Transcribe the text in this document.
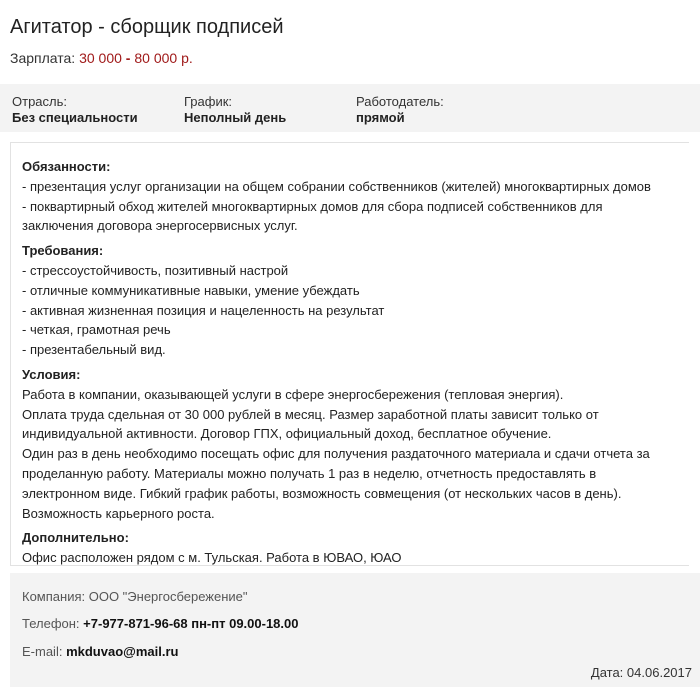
Агитатор - сборщик подписей
Зарплата: 30 000 - 80 000 р.
Отрасль:
Без специальности
График:
Неполный день
Работодатель:
прямой
Обязанности:
- презентация услуг организации на общем собрании собственников (жителей) многоквартирных домов
- поквартирный обход жителей многоквартирных домов для сбора подписей собственников для
заключения договора энергосервисных услуг.
Требования:
- стрессоустойчивость, позитивный настрой
- отличные коммуникативные навыки, умение убеждать
- активная жизненная позиция и нацеленность на результат
- четкая, грамотная речь
- презентабельный вид.
Условия:
Работа в компании, оказывающей услуги в сфере энергосбережения (тепловая энергия).
Оплата труда сдельная от 30 000 рублей в месяц. Размер заработной платы зависит только от
индивидуальной активности. Договор ГПХ, официальный доход, бесплатное обучение.
Один раз в день необходимо посещать офис для получения раздаточного материала и сдачи отчета за
проделанную работу. Материалы можно получать 1 раз в неделю, отчетность предоставлять в
электронном виде. Гибкий график работы, возможность совмещения (от нескольких часов в день).
Возможность карьерного роста.
Дополнительно:
Офис расположен рядом с м. Тульская. Работа в ЮВАО, ЮАО
Компания: ООО "Энергосбережение"
Телефон: +7-977-871-96-68 пн-пт 09.00-18.00
E-mail: mkduvao@mail.ru
Дата: 04.06.2017
